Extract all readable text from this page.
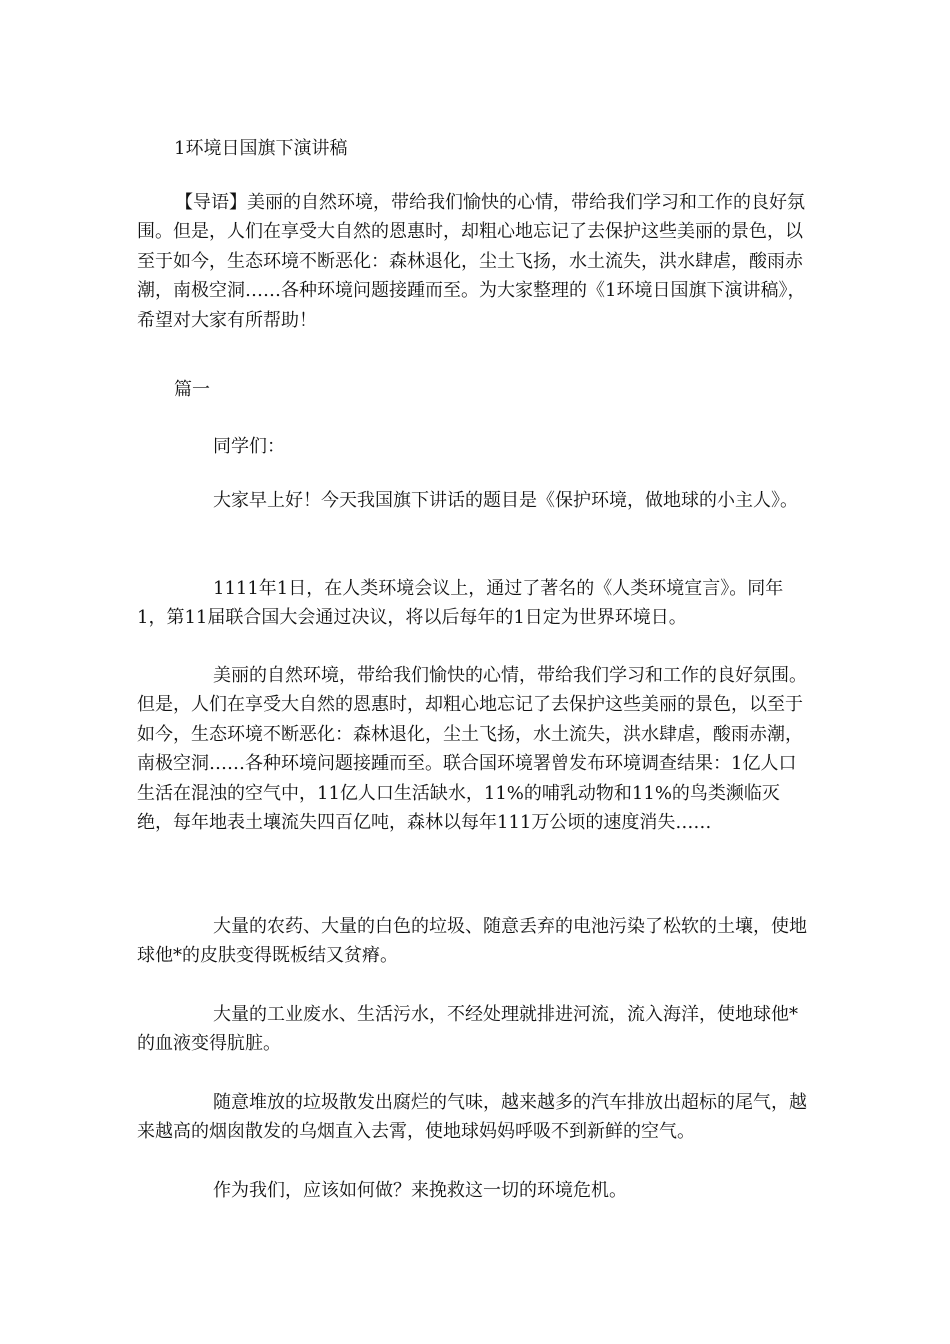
1环境日国旗下演讲稿

【导语】美丽的自然环境，带给我们愉快的心情，带给我们学习和工作的良好氛围。但是，人们在享受大自然的恩惠时，却粗心地忘记了去保护这些美丽的景色，以至于如今，生态环境不断恶化：森林退化，尘土飞扬，水土流失，洪水肆虐，酸雨赤潮，南极空洞……各种环境问题接踵而至。为大家整理的《1环境日国旗下演讲稿》，希望对大家有所帮助！

篇一

同学们：

大家早上好！今天我国旗下讲话的题目是《保护环境，做地球的小主人》。

1111年1日，在人类环境会议上，通过了著名的《人类环境宣言》。同年1，第11届联合国大会通过决议，将以后每年的1日定为世界环境日。

美丽的自然环境，带给我们愉快的心情，带给我们学习和工作的良好氛围。但是，人们在享受大自然的恩惠时，却粗心地忘记了去保护这些美丽的景色，以至于如今，生态环境不断恶化：森林退化，尘土飞扬，水土流失，洪水肆虐，酸雨赤潮，南极空洞……各种环境问题接踵而至。联合国环境署曾发布环境调查结果：1亿人口生活在混浊的空气中，11亿人口生活缺水，11%的哺乳动物和11%的鸟类濒临灭绝，每年地表土壤流失四百亿吨，森林以每年111万公顷的速度消失……

大量的农药、大量的白色的垃圾、随意丢弃的电池污染了松软的土壤，使地球他*的皮肤变得既板结又贫瘠。

大量的工业废水、生活污水，不经处理就排进河流，流入海洋，使地球他*的血液变得肮脏。

随意堆放的垃圾散发出腐烂的气味，越来越多的汽车排放出超标的尾气，越来越高的烟囱散发的乌烟直入去霄，使地球妈妈呼吸不到新鲜的空气。

作为我们，应该如何做？来挽救这一切的环境危机。
